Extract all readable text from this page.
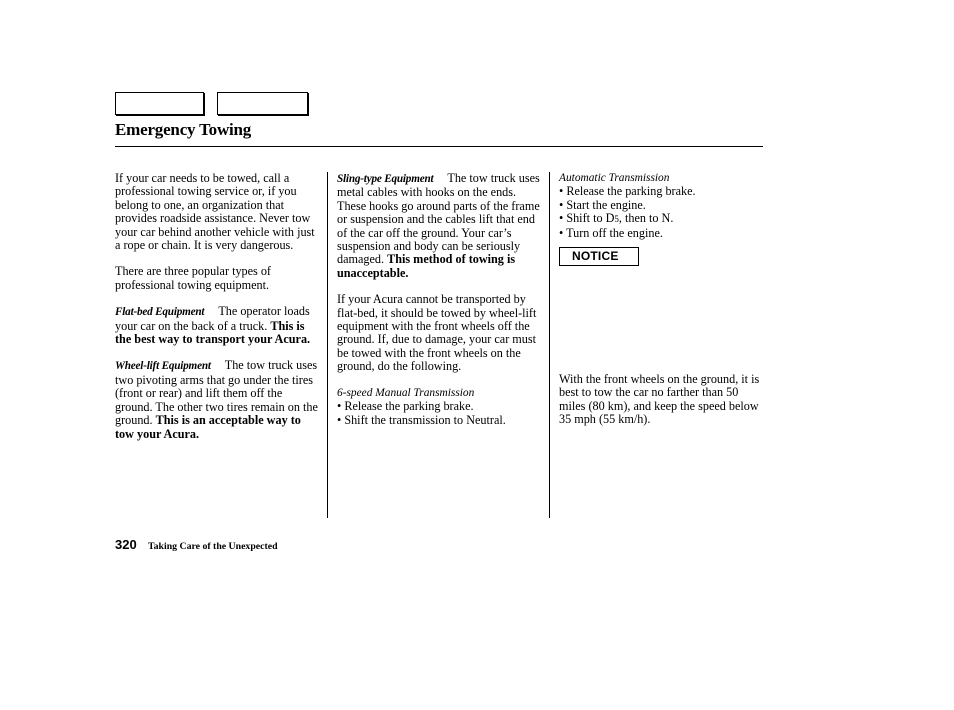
Emergency Towing

If your car needs to be towed, call a professional towing service or, if you belong to one, an organization that provides roadside assistance. Never tow your car behind another vehicle with just a rope or chain. It is very dangerous.

There are three popular types of professional towing equipment.

Flat-bed Equipment The operator loads your car on the back of a truck. This is the best way to transport your Acura.

Wheel-lift Equipment The tow truck uses two pivoting arms that go under the tires (front or rear) and lift them off the ground. The other two tires remain on the ground. This is an acceptable way to tow your Acura.

Sling-type Equipment The tow truck uses metal cables with hooks on the ends. These hooks go around parts of the frame or suspension and the cables lift that end of the car off the ground. Your car’s suspension and body can be seriously damaged. This method of towing is unacceptable.

If your Acura cannot be transported by flat-bed, it should be towed by wheel-lift equipment with the front wheels off the ground. If, due to damage, your car must be towed with the front wheels on the ground, do the following.

6-speed Manual Transmission
• Release the parking brake.
• Shift the transmission to Neutral.
Automatic Transmission
• Release the parking brake.
• Start the engine.
• Shift to D5, then to N.
• Turn off the engine.
NOTICE

With the front wheels on the ground, it is best to tow the car no farther than 50 miles (80 km), and keep the speed below 35 mph (55 km/h).

320 Taking Care of the Unexpected
